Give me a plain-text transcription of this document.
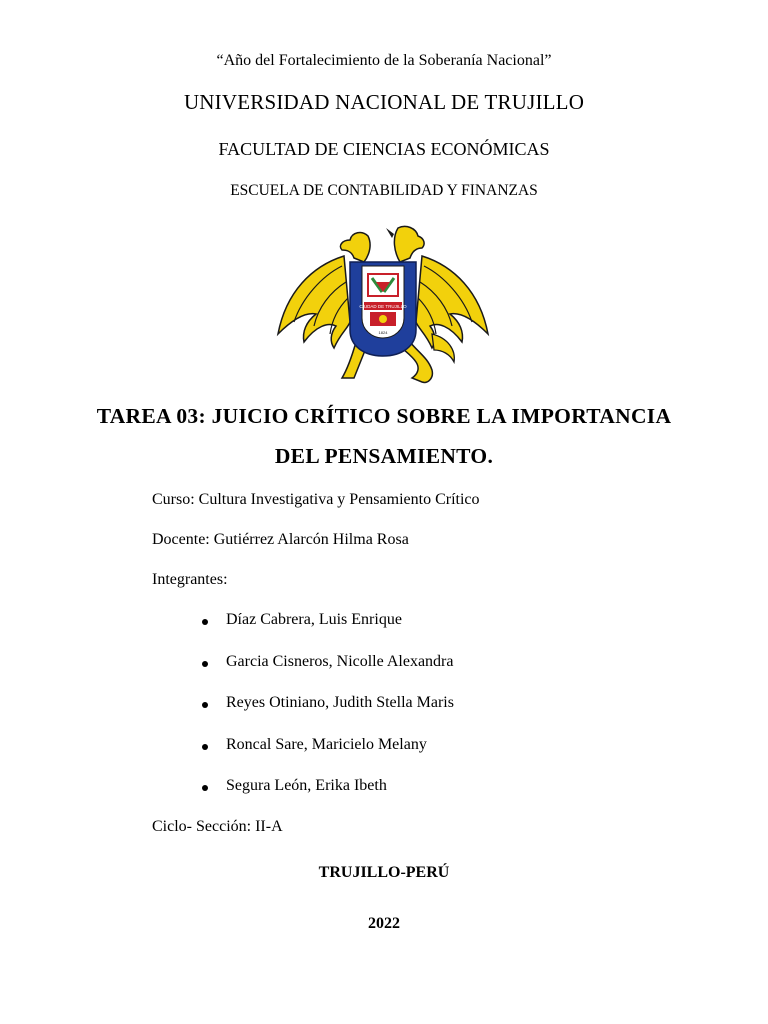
“Año del Fortalecimiento de la Soberanía Nacional”
UNIVERSIDAD NACIONAL DE TRUJILLO
FACULTAD DE CIENCIAS ECONÓMICAS
ESCUELA DE CONTABILIDAD Y FINANZAS
CIUDAD DE TRUJILLO
1824
TAREA 03: JUICIO CRÍTICO SOBRE LA IMPORTANCIA
DEL PENSAMIENTO.
Curso: Cultura Investigativa y Pensamiento Crítico
Docente: Gutiérrez Alarcón Hilma Rosa
Integrantes:
Díaz Cabrera, Luis Enrique
Garcia Cisneros, Nicolle Alexandra
Reyes Otiniano, Judith Stella Maris
Roncal Sare, Maricielo Melany
Segura León, Erika Ibeth
Ciclo- Sección: II-A
TRUJILLO-PERÚ
2022
